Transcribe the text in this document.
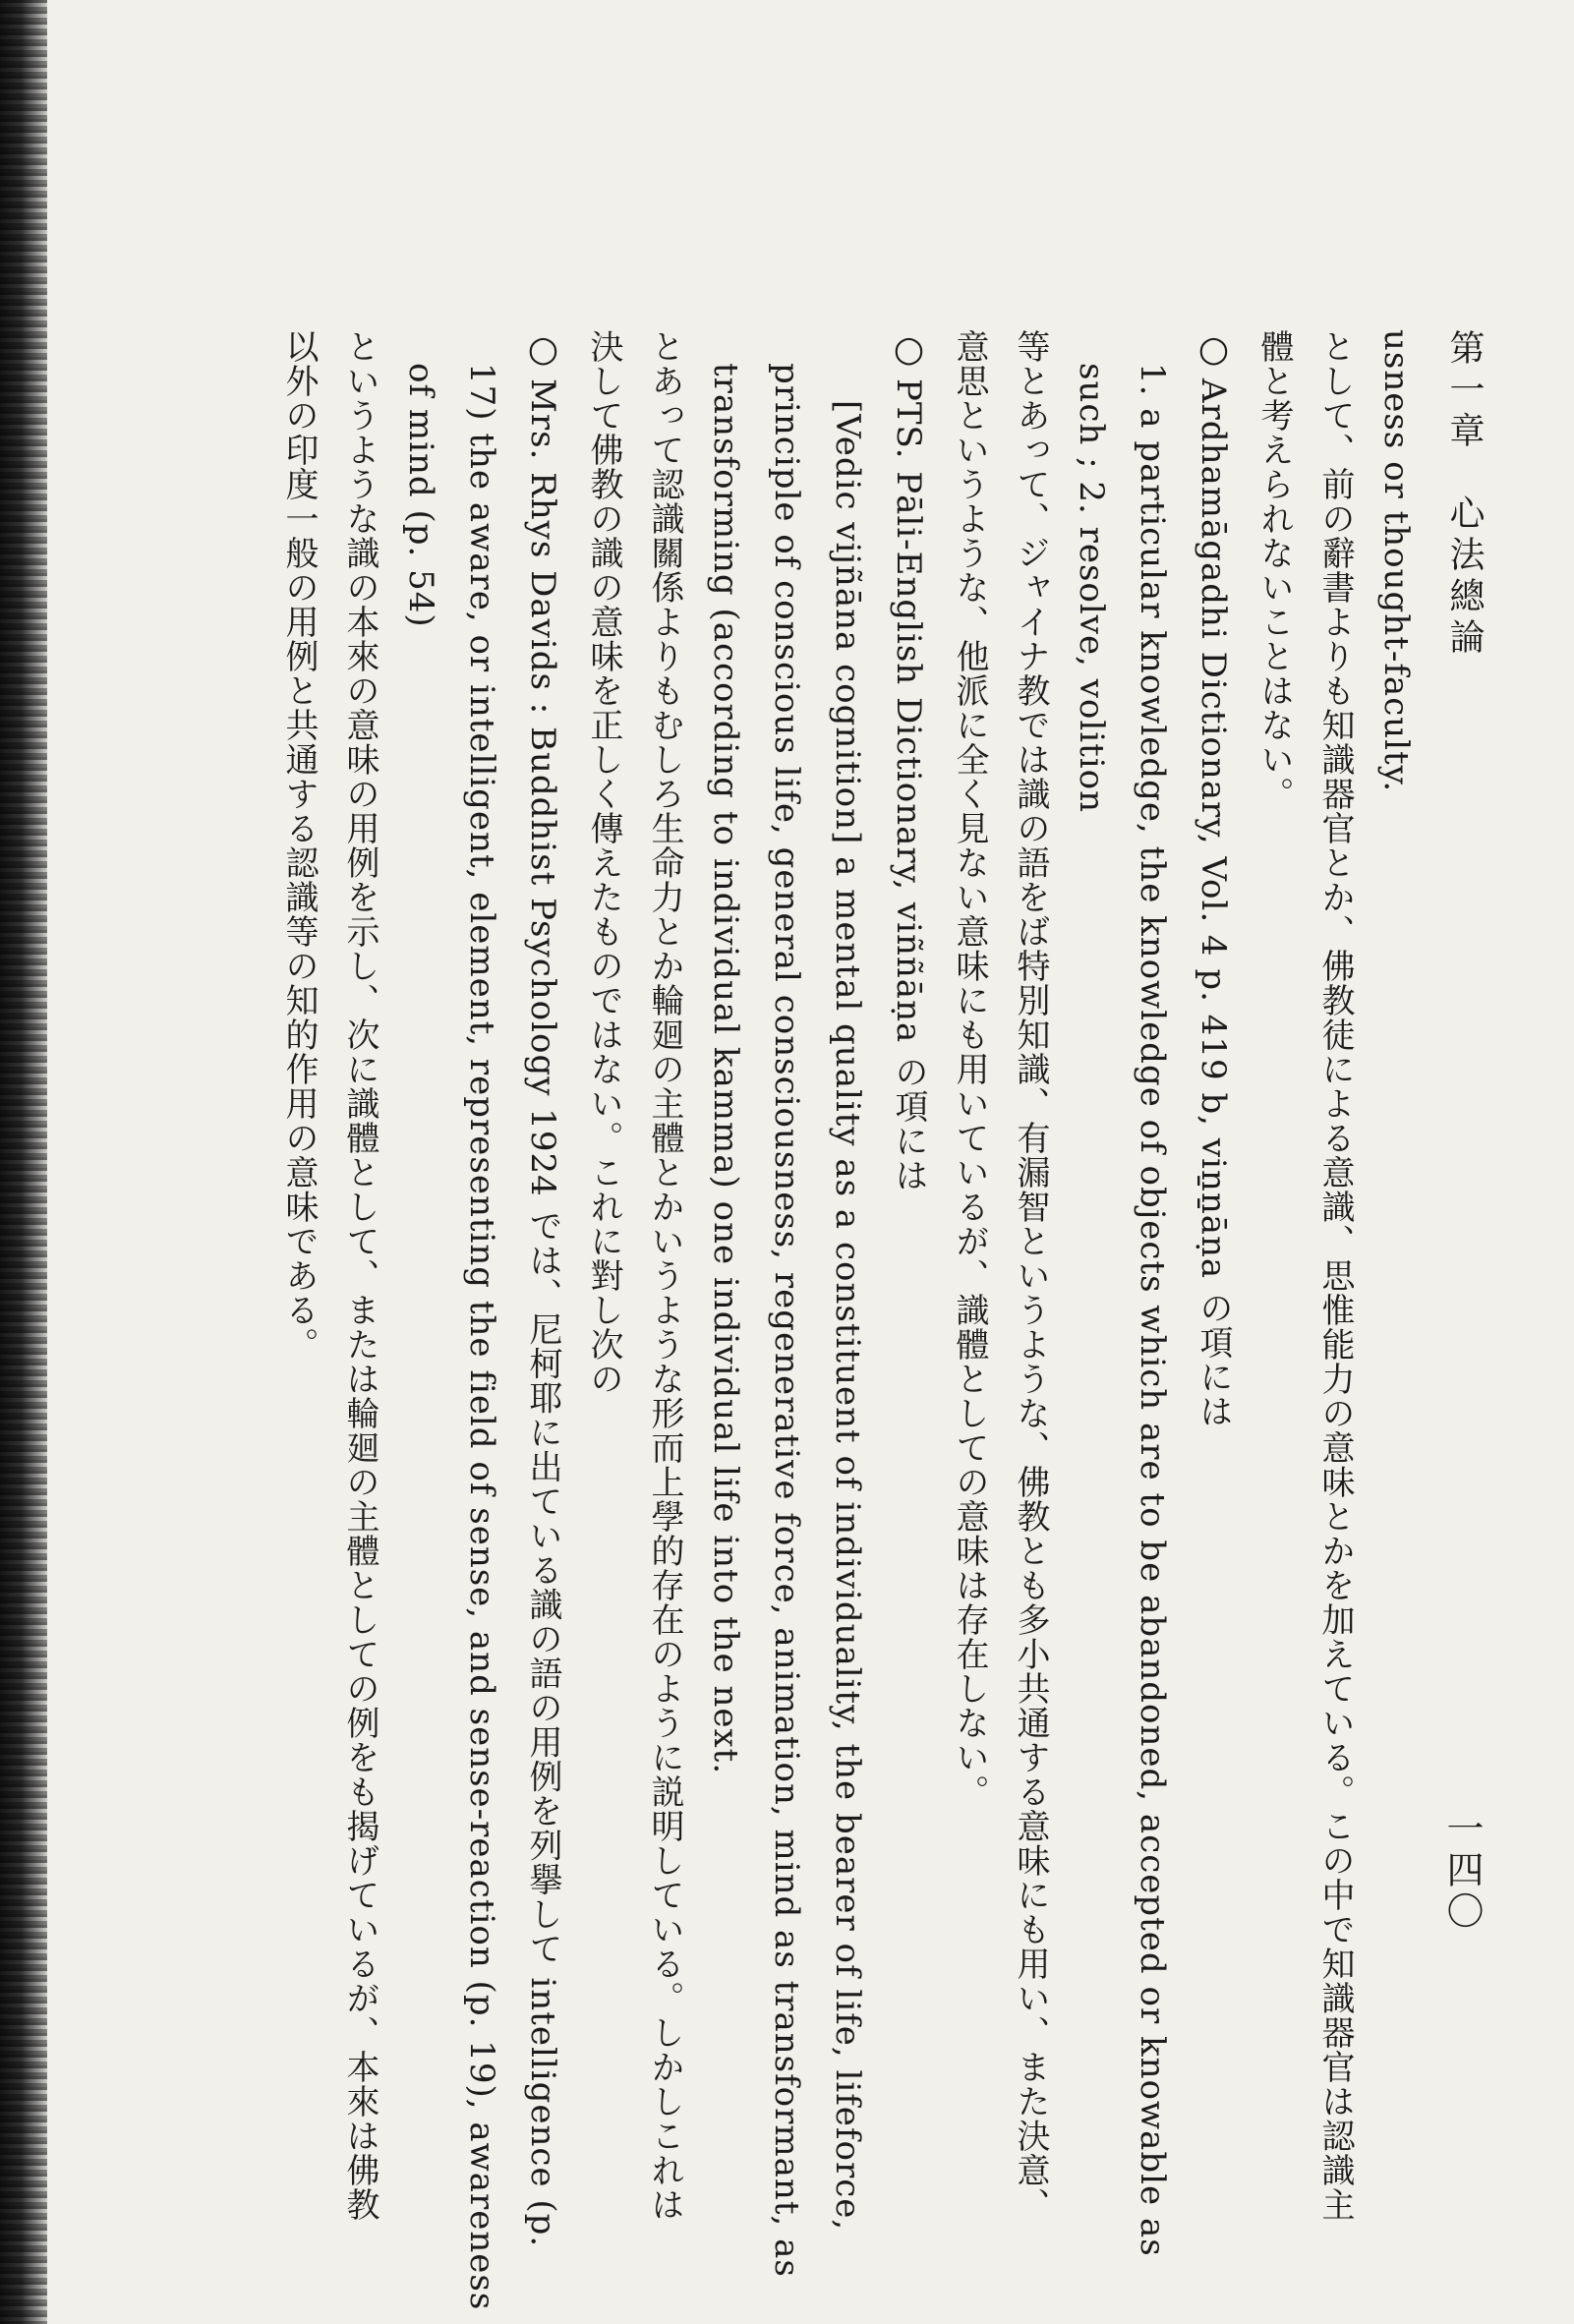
第一章　心法總論
一四〇
usness or thought-faculty.
として、前の辭書よりも知識器官とか、佛教徒による意識、思惟能力の意味とかを加えている。この中で知識器官は認識主
體と考えられないことはない。
○Ardhamāgadhi Dictionary, Vol. 4 p. 419 b, viṉṉāṇa の項には
1. a particular knowledge, the knowledge of objects which are to be abandoned, accepted or knowable as
such ; 2. resolve, volition
等とあって、ジャイナ教では識の語をば特別知識、有漏智というような、佛教とも多小共通する意味にも用い、また決意、
意思というような、他派に全く見ない意味にも用いているが、識體としての意味は存在しない。
○PTS. Pāli-English Dictionary, viññāṇa の項には
[Vedic vijñāna cognition] a mental quality as a constituent of individuality, the bearer of life, lifeforce,
principle of conscious life, general consciousness, regenerative force, animation, mind as transformant, as
transforming (according to individual kamma) one individual life into the next.
とあって認識關係よりもむしろ生命力とか輪廻の主體とかいうような形而上學的存在のように説明している。しかしこれは
決して佛教の識の意味を正しく傳えたものではない。これに對し次の
○Mrs. Rhys Davids : Buddhist Psychology 1924 では、尼柯耶に出ている識の語の用例を列擧して intelligence (p.
17) the aware, or intelligent, element, representing the field of sense, and sense-reaction (p. 19), awareness
of mind (p. 54)
というような識の本來の意味の用例を示し、次に識體として、または輪廻の主體としての例をも揭げているが、本來は佛教
以外の印度一般の用例と共通する認識等の知的作用の意味である。
